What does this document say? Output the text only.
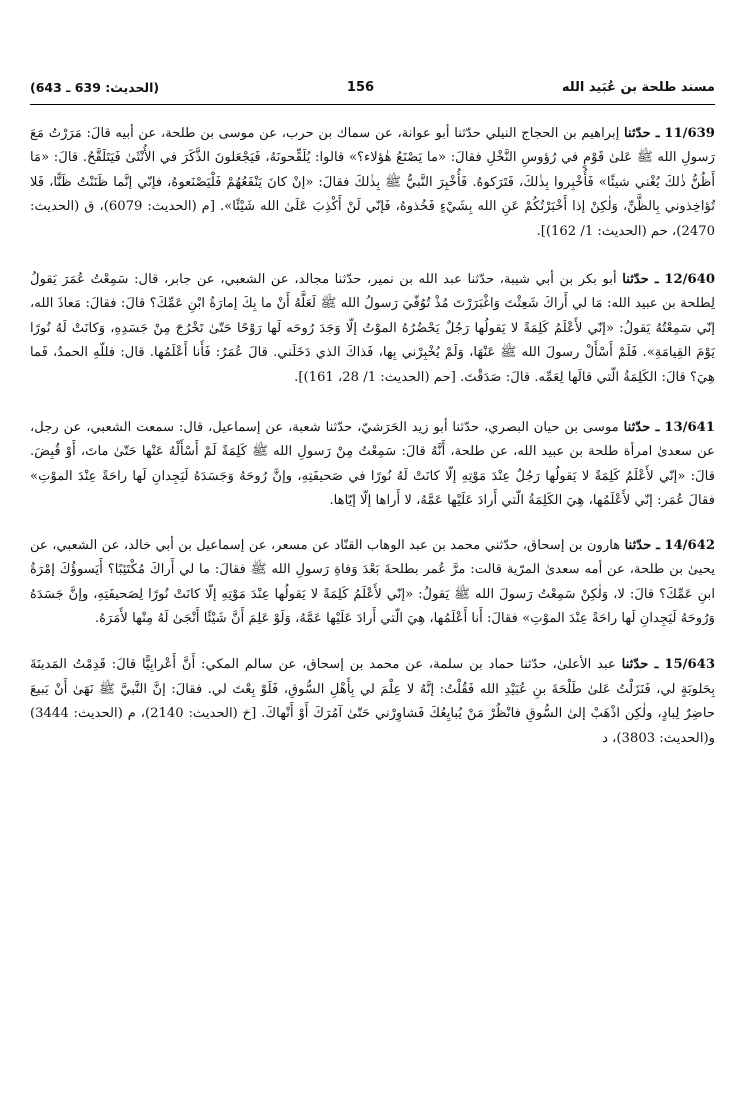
(الحديث: 639 ـ 643)	156	مسند طلحة بن عُبَيد الله

11/639 ـ حدّثنا إبراهيم بن الحجاج النيلي حدّثنا أبو عوانة، عن سماك بن حرب، عن موسى بن طلحة، عن أبيه قالَ: مَرَرْتُ مَعَ رَسولِ الله ﷺ عَلىٰ قَوْمٍ في رُؤوسِ النَّخْلِ فقالَ: «ما يَصْنَعُ هٰؤلاء؟» قالوا: يُلَقِّحونَهُ، فَيَجْعَلونَ الذَّكَرَ في الأُنْثَىٰ فَيَتَلَقَّحُ. قالَ: «مَا أَظُنُّ ذٰلكَ يُغْني شيئًا» فَأُخْبِروا بِذٰلكَ، فَتَرَكوهُ. فَأُخْبِرَ النَّبيُّ ﷺ بِذٰلكَ فقالَ: «إنْ كانَ يَنْفَعُهُمْ فَلْيَصْنَعوهُ، فإنّي إنَّما ظَنَنْتُ ظَنًّا، فَلا تُؤاخِذوني بِالظَّنِّ، وَلٰكِنْ إذا أَخْبَرْتُكُمْ عَنِ الله بِشَيْءٍ فَخُذوهُ، فَإنّي لَنْ أَكْذِبَ عَلَىٰ الله شَيْئًا». [م (الحديث: 6079)، ق (الحديث: 2470)، حم (الحديث: 1/ 162)].

12/640 ـ حدّثنا أبو بكر بن أبي شيبة، حدّثنا عبد الله بن نمير، حدّثنا مجالد، عن الشعبي، عن جابر، قال: سَمِعْتُ عُمَرَ يَقولُ لِطلحة بن عبيد الله: مَا لي أَراكَ شَعِثْتَ وَاغْبَرَرْتَ مُذْ تُوُفّيَ رَسولُ الله ﷺ لَعَلَّهُ أَنْ ما بِكَ إمارَةُ ابْنِ عَمِّكَ؟ قالَ: فقالَ: مَعاذَ الله، إنّي سَمِعْتُهُ يَقولُ: «إنّي لأَعْلَمُ كَلِمَةً لا يَقولُها رَجُلٌ يَحْضُرُهُ الموْتُ إلّا وَجَدَ رُوحَه لَها رَوْحًا حَتّىٰ تَخْرُجَ مِنْ جَسَدِهِ، وَكانَتْ لَهُ نُورًا يَوْمَ القِيامَةِ». فَلَمْ أَسْأَلْ رسولَ الله ﷺ عَنْهَا، وَلَمْ يُخْبِرْني بِها، فَذاكَ الذي دَخَلَني. قالَ عُمَرُ: فَأَنا أَعْلَمُها. قال: فللّهِ الحمدُ، فَما هِيَ؟ قالَ: الكَلِمَةُ الّتي قالَها لِعَمِّه. قالَ: صَدَقْتَ. [حم (الحديث: 1/ 28، 161)].

13/641 ـ حدّثنا موسى بن حيان البصري، حدّثنا أبو زيد الحَرَشيّ، حدّثنا شعبة، عن إسماعيل، قال: سمعت الشعبي، عن رجل، عن سعدىٰ امرأة طلحة بن عبيد الله، عن طلحة، أَنَّهُ قالَ: سَمِعْتُ مِنْ رَسولِ الله ﷺ كَلِمَةً لَمْ أَسْأَلْهُ عَنْها حَتّىٰ ماتَ، أَوْ قُبِضَ. قالَ: «إنّي لأَعْلَمُ كَلِمَةً لا يَقولُها رَجُلٌ عِنْدَ مَوْتِهِ إلّا كانَتْ لَهُ نُورًا في صَحيفَتِهِ، وإنَّ رُوحَهُ وَجَسَدَهُ لَيَجِدانِ لَها راحَةً عِنْدَ الموْتِ» فقالَ عُمَر: إنّي لأَعْلَمُها، هِيَ الكَلِمَةُ الّتي أَرادَ عَلَيْها عَمَّهُ، لا أَراها إلّا إيّاها.

14/642 ـ حدّثنا هارون بن إسحاق، حدّثني محمد بن عبد الوهاب القنّاد عن مسعر، عن إسماعيل بن أبي خالد، عن الشعبي، عن يحيىٰ بن طلحة، عن أمه سعدىٰ المرّية قالت: مرَّ عُمر بطلحةَ بَعْدَ وَفاةِ رَسولِ الله ﷺ فقالَ: ما لي أَراكَ مُكْتَئِبًا؟ أَيَسوؤُكَ إمْرَةُ ابنِ عَمِّكَ؟ قالَ: لا، وَلٰكِنْ سَمِعْتُ رَسولَ الله ﷺ يَقولُ: «إنّي لأَعْلَمُ كَلِمَةً لا يَقولُها عِنْدَ مَوْتِهِ إلّا كانَتْ نُورًا لِصَحيفَتِهِ، وإنَّ جَسَدَهُ وَرُوحَهُ لَيَجِدانِ لَها راحَةً عِنْدَ الموْتِ» فقالَ: أَنا أَعْلَمُها، هِيَ الّتي أَرادَ عَلَيْها عَمَّهُ، وَلَوْ عَلِمَ أَنَّ شَيْئًا أَنْجَىٰ لَهُ مِنْها لأَمَرَهُ.

15/643 ـ حدّثنا عبد الأعلىٰ، حدّثنا حماد بن سلمة، عن محمد بن إسحاق، عن سالم المكي: أَنَّ أَعْرابِيًّا قالَ: قَدِمْتُ المَدينَةَ بِحَلوبَةٍ لي، فَنَزَلْتُ عَلىٰ طَلْحَةَ بنِ عُبَيْدِ الله فَقُلْتُ: إنَّهُ لا عِلْمَ لي بِأَهْلِ السُّوقِ، فَلَوْ بِعْتَ لي. فقالَ: إنَّ النَّبيَّ ﷺ نَهَىٰ أَنْ يَبيعَ حاضِرٌ لِبادٍ، ولٰكِن اذْهَبْ إلىٰ السُّوقِ فانْظُرْ مَنْ يُبايِعُكَ فَشاوِرْني حَتّىٰ آمُرَكَ أَوْ أَنْهاكَ. [خ (الحديث: 2140)، م (الحديث: 3444) و(الحديث: 3803)، د
